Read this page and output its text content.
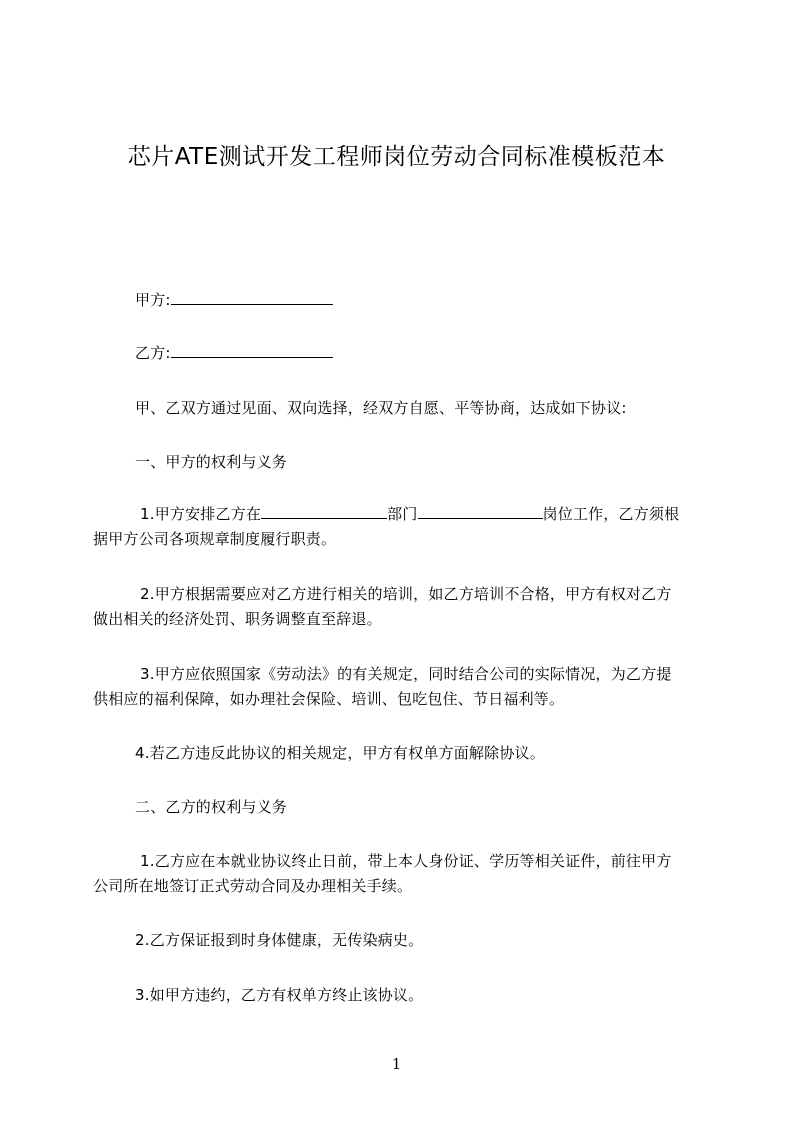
芯片ATE测试开发工程师岗位劳动合同标准模板范本
甲方:
乙方:
甲、乙双方通过见面、双向选择，经双方自愿、平等协商，达成如下协议:
一、甲方的权利与义务
1.甲方安排乙方在	部门	岗位工作，乙方须根
据甲方公司各项规章制度履行职责。
2.甲方根据需要应对乙方进行相关的培训，如乙方培训不合格，甲方有权对乙方
做出相关的经济处罚、职务调整直至辞退。
3.甲方应依照国家《劳动法》的有关规定，同时结合公司的实际情况，为乙方提
供相应的福利保障，如办理社会保险、培训、包吃包住、节日福利等。
4.若乙方违反此协议的相关规定，甲方有权单方面解除协议。
二、乙方的权利与义务
1.乙方应在本就业协议终止日前，带上本人身份证、学历等相关证件，前往甲方
公司所在地签订正式劳动合同及办理相关手续。
2.乙方保证报到时身体健康，无传染病史。
3.如甲方违约，乙方有权单方终止该协议。
1
